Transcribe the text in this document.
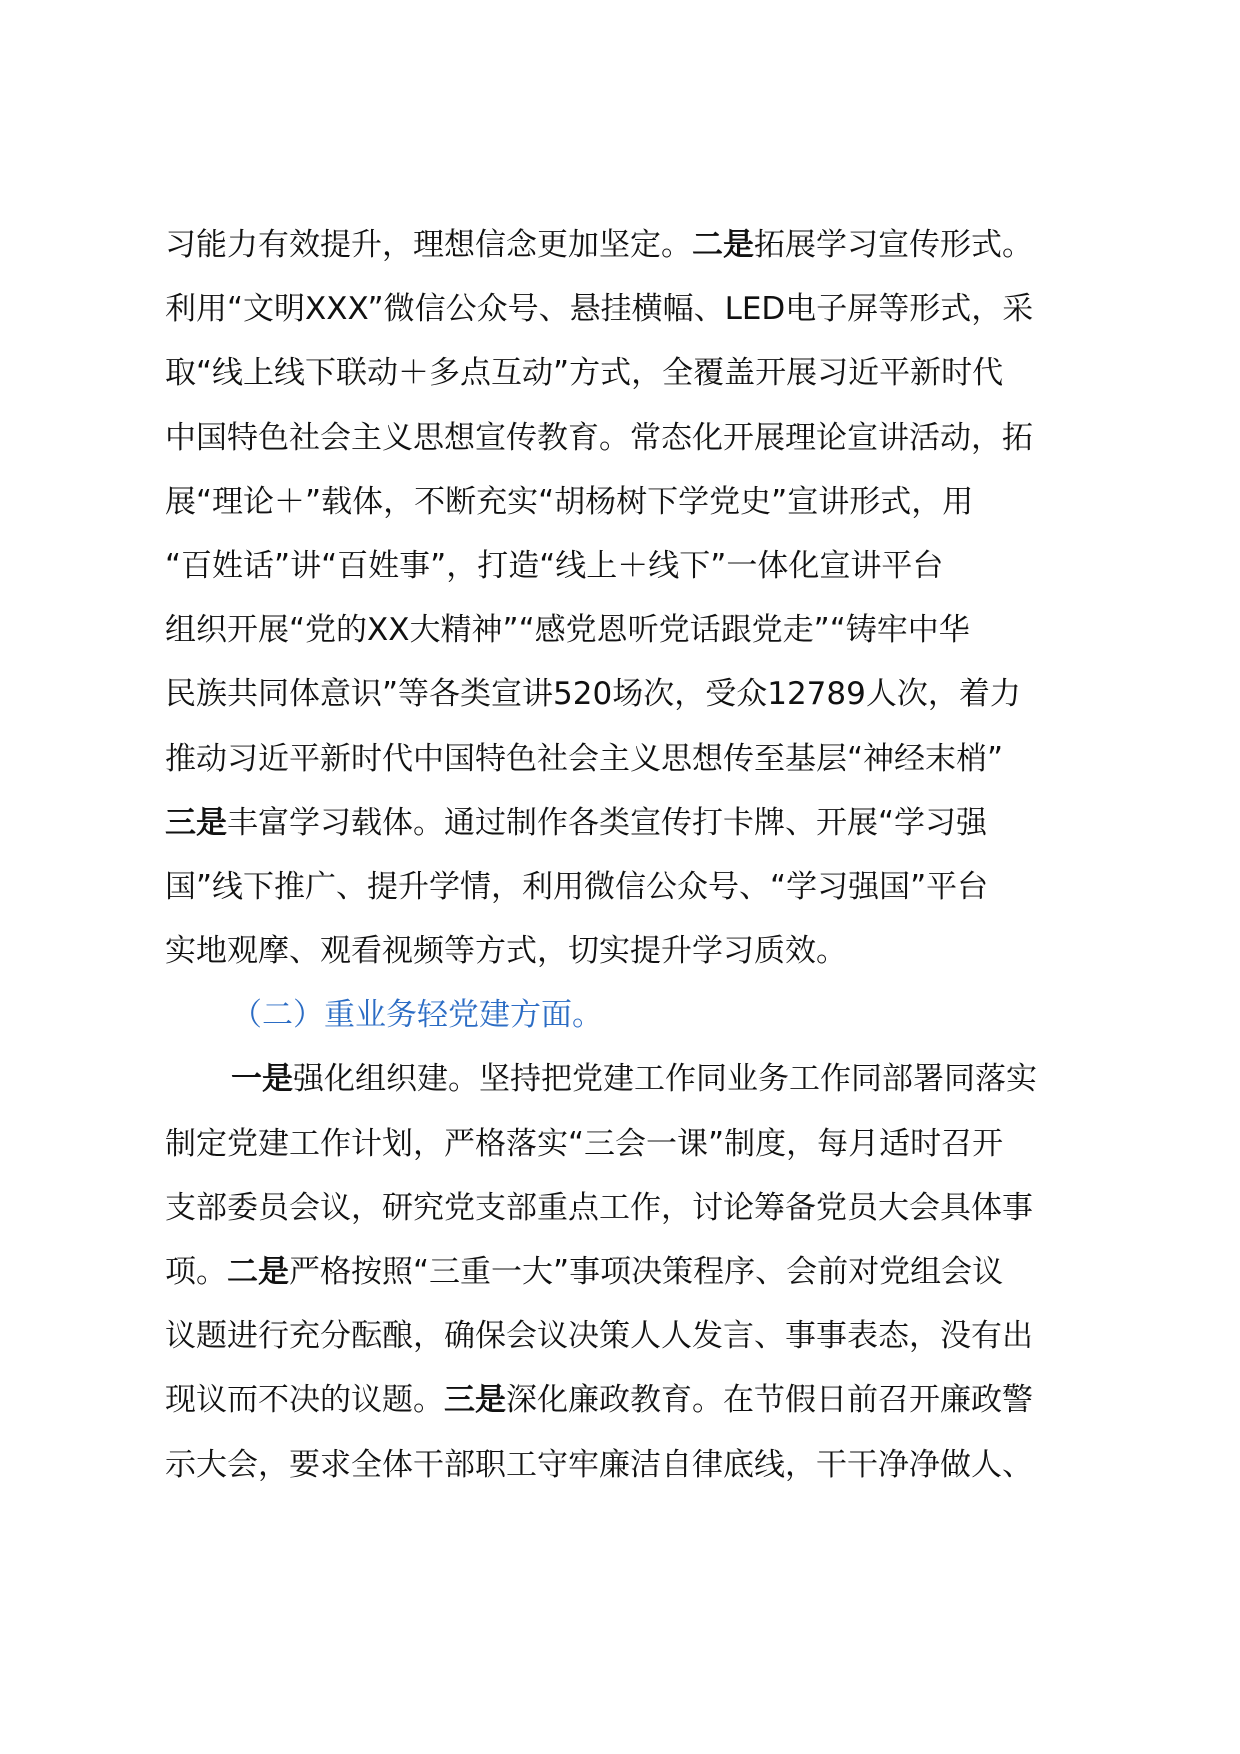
习能力有效提升，理想信念更加坚定。二是拓展学习宣传形式。
利用“文明XXX”微信公众号、悬挂横幅、LED电子屏等形式，采
取“线上线下联动＋多点互动”方式，全覆盖开展习近平新时代
中国特色社会主义思想宣传教育。常态化开展理论宣讲活动，拓
展“理论＋”载体，不断充实“胡杨树下学党史”宣讲形式，用
“百姓话”讲“百姓事”，打造“线上＋线下”一体化宣讲平台
组织开展“党的XX大精神”“感党恩听党话跟党走”“铸牢中华
民族共同体意识”等各类宣讲520场次，受众12789人次，着力
推动习近平新时代中国特色社会主义思想传至基层“神经末梢”
三是丰富学习载体。通过制作各类宣传打卡牌、开展“学习强
国”线下推广、提升学情，利用微信公众号、“学习强国”平台
实地观摩、观看视频等方式，切实提升学习质效。
（二）重业务轻党建方面。
一是强化组织建。坚持把党建工作同业务工作同部署同落实
制定党建工作计划，严格落实“三会一课”制度，每月适时召开
支部委员会议，研究党支部重点工作，讨论筹备党员大会具体事
项。二是严格按照“三重一大”事项决策程序、会前对党组会议
议题进行充分酝酿，确保会议决策人人发言、事事表态，没有出
现议而不决的议题。三是深化廉政教育。在节假日前召开廉政警
示大会，要求全体干部职工守牢廉洁自律底线，干干净净做人、
